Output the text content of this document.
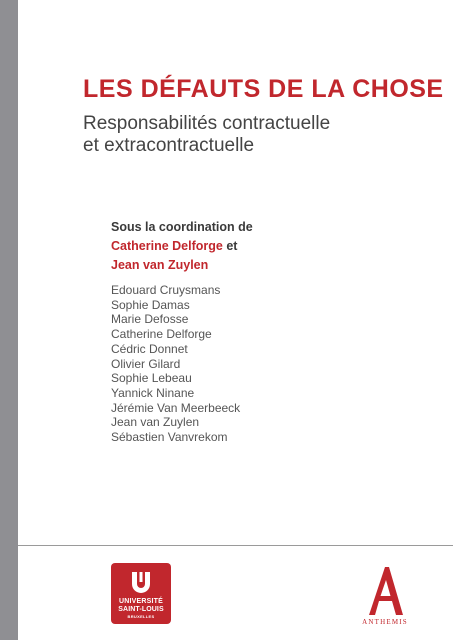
LES DÉFAUTS DE LA CHOSE
Responsabilités contractuelle
et extracontractuelle
Sous la coordination de
Catherine Delforge et
Jean van Zuylen
Edouard Cruysmans
Sophie Damas
Marie Defosse
Catherine Delforge
Cédric Donnet
Olivier Gilard
Sophie Lebeau
Yannick Ninane
Jérémie Van Meerbeeck
Jean van Zuylen
Sébastien Vanvrekom
UNIVERSITÉ
SAINT-LOUIS
BRUXELLES
ANTHEMIS
